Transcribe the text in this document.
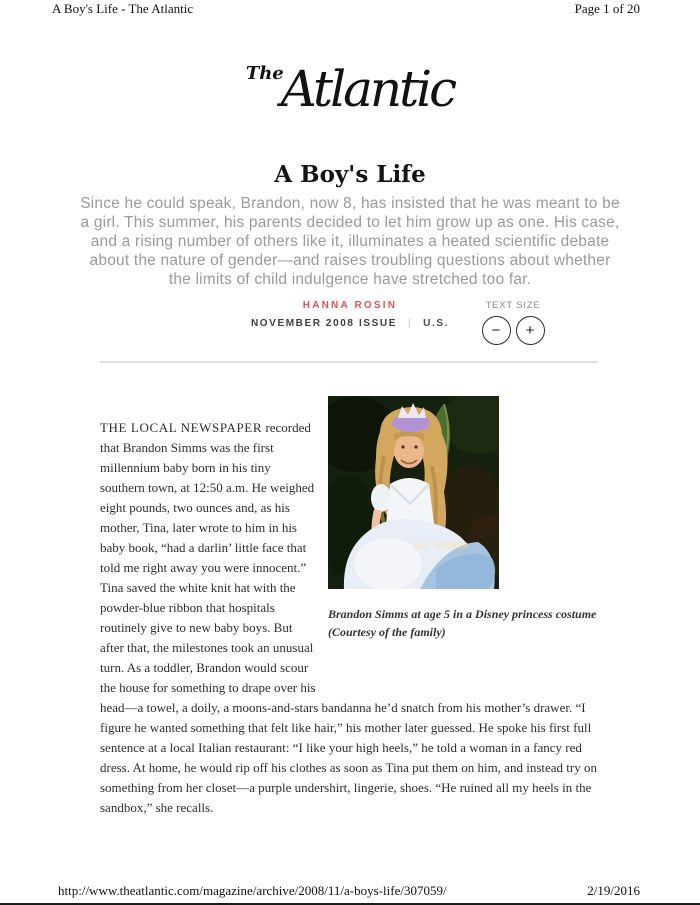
A Boy's Life - The Atlantic	Page 1 of 20
TheAtlantic
A Boy's Life
Since he could speak, Brandon, now 8, has insisted that he was meant to be a girl. This summer, his parents decided to let him grow up as one. His case, and a rising number of others like it, illuminates a heated scientific debate about the nature of gender—and raises troubling questions about whether the limits of child indulgence have stretched too far.
HANNA ROSIN
NOVEMBER 2008 ISSUE | U.S.
TEXT SIZE
−	+

Brandon Simms at age 5 in a Disney princess costume (Courtesy of the family)
THE LOCAL NEWSPAPER recorded that Brandon Simms was the first millennium baby born in his tiny southern town, at 12:50 a.m. He weighed eight pounds, two ounces and, as his mother, Tina, later wrote to him in his baby book, “had a darlin’ little face that told me right away you were innocent.” Tina saved the white knit hat with the powder-blue ribbon that hospitals routinely give to new baby boys. But after that, the milestones took an unusual turn. As a toddler, Brandon would scour the house for something to drape over his head—a towel, a doily, a moons-and-stars bandanna he’d snatch from his mother’s drawer. “I figure he wanted something that felt like hair,” his mother later guessed. He spoke his first full sentence at a local Italian restaurant: “I like your high heels,” he told a woman in a fancy red dress. At home, he would rip off his clothes as soon as Tina put them on him, and instead try on something from her closet—a purple undershirt, lingerie, shoes. “He ruined all my heels in the sandbox,” she recalls.

http://www.theatlantic.com/magazine/archive/2008/11/a-boys-life/307059/	2/19/2016
